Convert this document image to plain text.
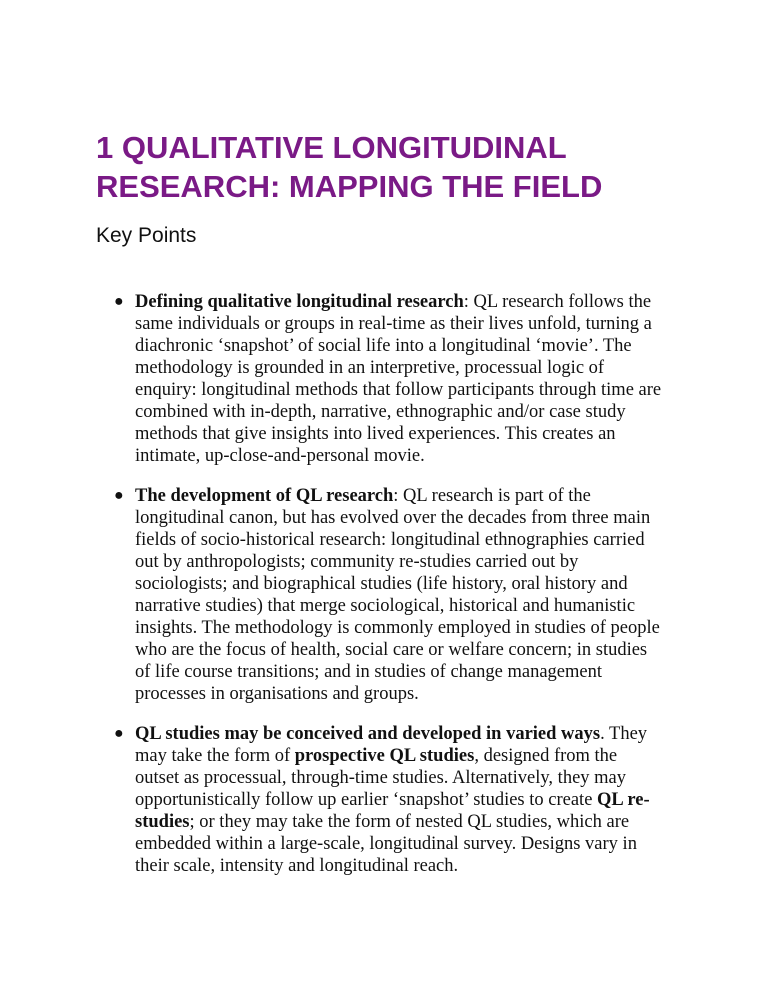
1 QUALITATIVE LONGITUDINAL
RESEARCH: MAPPING THE FIELD
Key Points
● Defining qualitative longitudinal research: QL research follows the
same individuals or groups in real-time as their lives unfold, turning a
diachronic ‘snapshot’ of social life into a longitudinal ‘movie’. The
methodology is grounded in an interpretive, processual logic of
enquiry: longitudinal methods that follow participants through time are
combined with in-depth, narrative, ethnographic and/or case study
methods that give insights into lived experiences. This creates an
intimate, up-close-and-personal movie.
● The development of QL research: QL research is part of the
longitudinal canon, but has evolved over the decades from three main
fields of socio-historical research: longitudinal ethnographies carried
out by anthropologists; community re-studies carried out by
sociologists; and biographical studies (life history, oral history and
narrative studies) that merge sociological, historical and humanistic
insights. The methodology is commonly employed in studies of people
who are the focus of health, social care or welfare concern; in studies
of life course transitions; and in studies of change management
processes in organisations and groups.
● QL studies may be conceived and developed in varied ways. They
may take the form of prospective QL studies, designed from the
outset as processual, through-time studies. Alternatively, they may
opportunistically follow up earlier ‘snapshot’ studies to create QL re-
studies; or they may take the form of nested QL studies, which are
embedded within a large-scale, longitudinal survey. Designs vary in
their scale, intensity and longitudinal reach.
